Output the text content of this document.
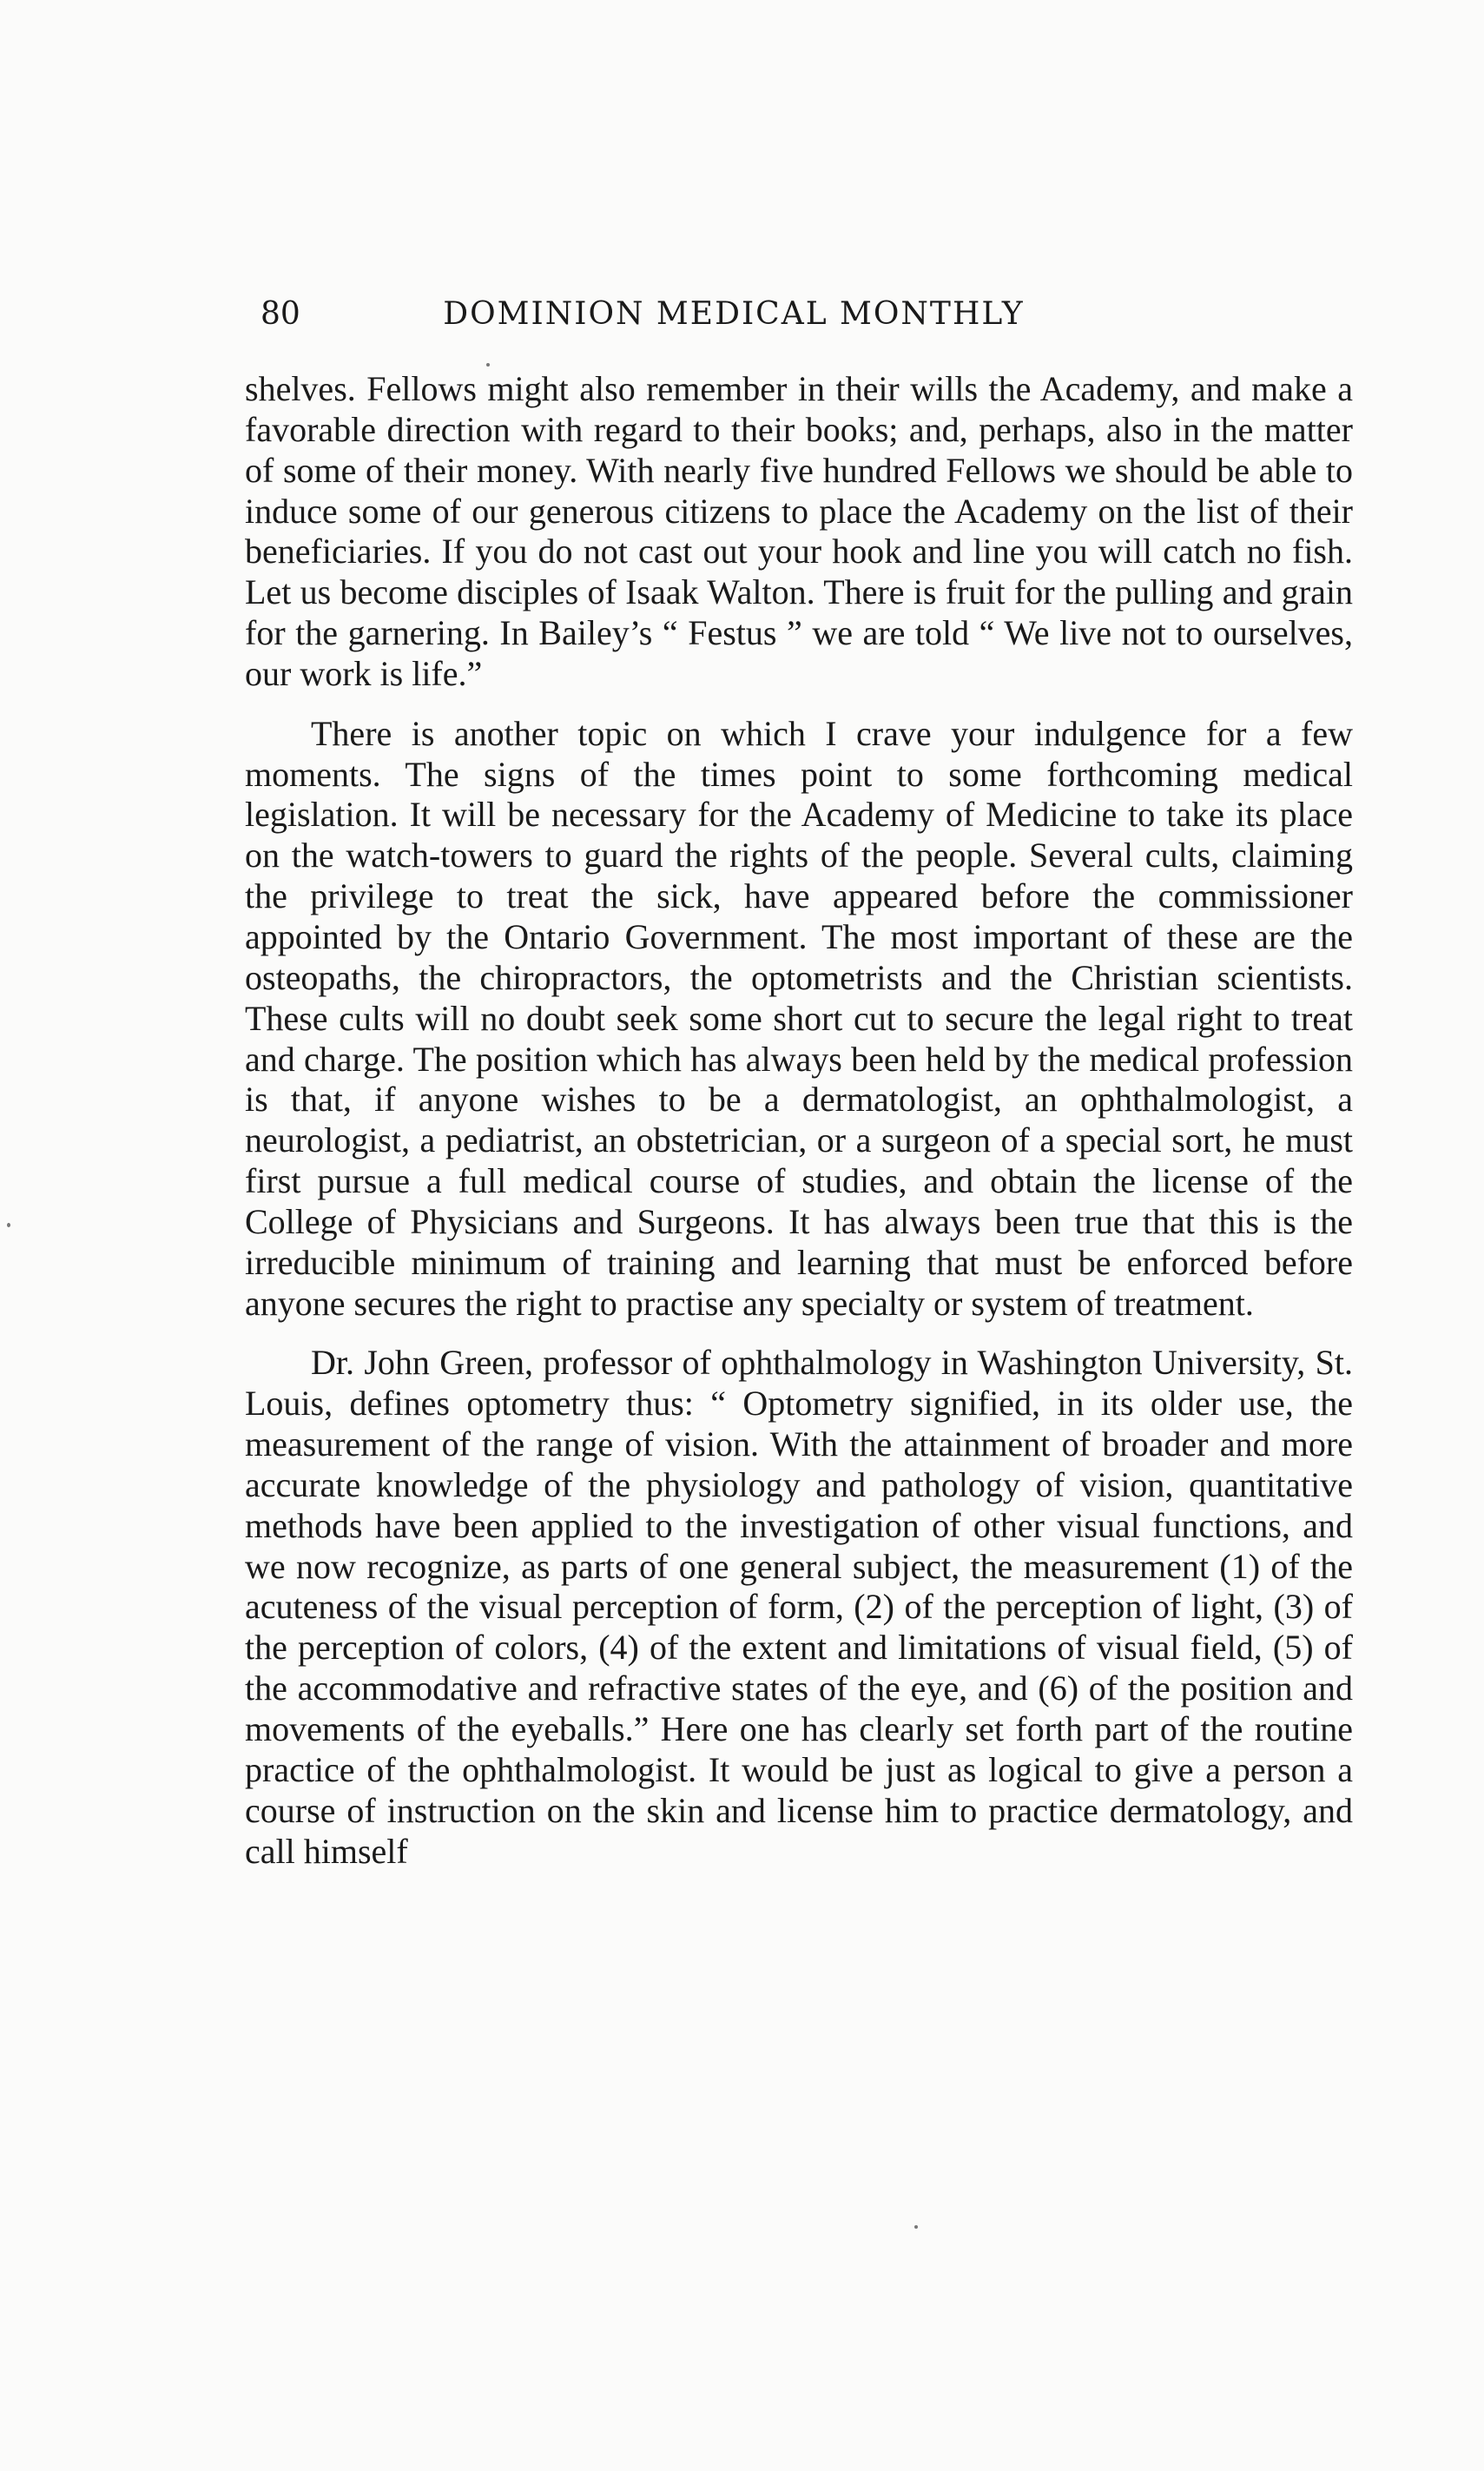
80	DOMINION MEDICAL MONTHLY

shelves. Fellows might also remember in their wills the Academy, and make a favorable direction with regard to their books; and, perhaps, also in the matter of some of their money. With nearly five hundred Fellows we should be able to induce some of our generous citizens to place the Academy on the list of their beneficiaries. If you do not cast out your hook and line you will catch no fish. Let us become disciples of Isaak Walton. There is fruit for the pulling and grain for the garnering. In Bailey’s “ Festus ” we are told “ We live not to ourselves, our work is life.”

There is another topic on which I crave your indulgence for a few moments. The signs of the times point to some forthcoming medical legislation. It will be necessary for the Academy of Medicine to take its place on the watch-towers to guard the rights of the people. Several cults, claiming the privilege to treat the sick, have appeared before the commissioner appointed by the Ontario Government. The most important of these are the osteopaths, the chiropractors, the optometrists and the Christian scientists. These cults will no doubt seek some short cut to secure the legal right to treat and charge. The position which has always been held by the medical profession is that, if anyone wishes to be a dermatologist, an ophthalmologist, a neurologist, a pediatrist, an obstetrician, or a surgeon of a special sort, he must first pursue a full medical course of studies, and obtain the license of the College of Physicians and Surgeons. It has always been true that this is the irreducible minimum of training and learning that must be enforced before anyone secures the right to practise any specialty or system of treatment.

Dr. John Green, professor of ophthalmology in Washington University, St. Louis, defines optometry thus: “ Optometry signified, in its older use, the measurement of the range of vision. With the attainment of broader and more accurate knowledge of the physiology and pathology of vision, quantitative methods have been applied to the investigation of other visual functions, and we now recognize, as parts of one general subject, the measurement (1) of the acuteness of the visual perception of form, (2) of the perception of light, (3) of the perception of colors, (4) of the extent and limitations of visual field, (5) of the accommodative and refractive states of the eye, and (6) of the position and movements of the eyeballs.” Here one has clearly set forth part of the routine practice of the ophthalmologist. It would be just as logical to give a person a course of instruction on the skin and license him to practice dermatology, and call himself
